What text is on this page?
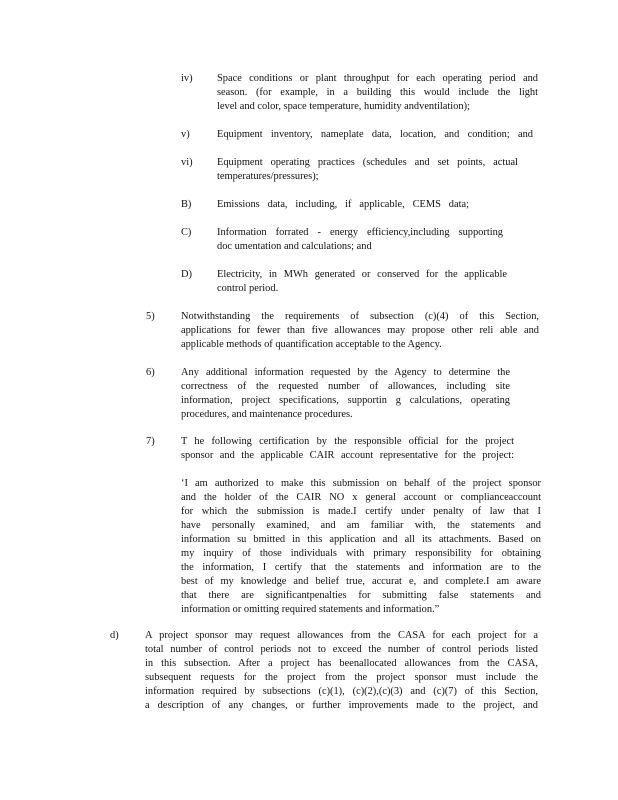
iv) Space conditions or plant throughput for each operating period and
season. (for example, in a building this would include the light
level and color, space temperature, humidity andventilation);
v)	Equipment inventory, nameplate data, location, and condition; and
vi) Equipment operating practices (schedules and set points, actual
temperatures/pressures);
B) Emissions data, including, if applicable, CEMS data;
C) Information forrated - energy efficiency,including supporting
doc umentation and calculations; and
D) Electricity, in MWh generated or conserved for the applicable
control period.
5)	Notwithstanding the requirements of subsection (c)(4) of this Section,
applications for fewer than five allowances may propose other reli able and
applicable methods of quantification acceptable to the Agency.
6)	Any additional information requested by the Agency to determine the
correctness of the requested number of allowances, including site
information, project specifications, supportin g calculations, operating
procedures, and maintenance procedures.
7)	T he following certification by the responsible official for the project
sponsor and the applicable CAIR account representative for the project:
‘I am authorized to make this submission on behalf of the project sponsor
and the holder of the CAIR NO x general account or complianceaccount
for which the submission is made.I certify under penalty of law that I
have personally examined, and am familiar with, the statements and
information su bmitted in this application and all its attachments. Based on
my inquiry of those individuals with primary responsibility for obtaining
the information, I certify that the statements and information are to the
best of my knowledge and belief true, accurat e, and complete.I am aware
that there are significantpenalties for submitting false statements and
information or omitting required statements and information.”
d)	A project sponsor may request allowances from the CASA for each project for a
total number of control periods not to exceed the number of control periods listed
in this subsection. After a project has beenallocated allowances from the CASA,
subsequent requests for the project from the project sponsor must include the
information required by subsections (c)(1), (c)(2),(c)(3) and (c)(7) of this Section,
a description of any changes, or further improvements made to the project, and
